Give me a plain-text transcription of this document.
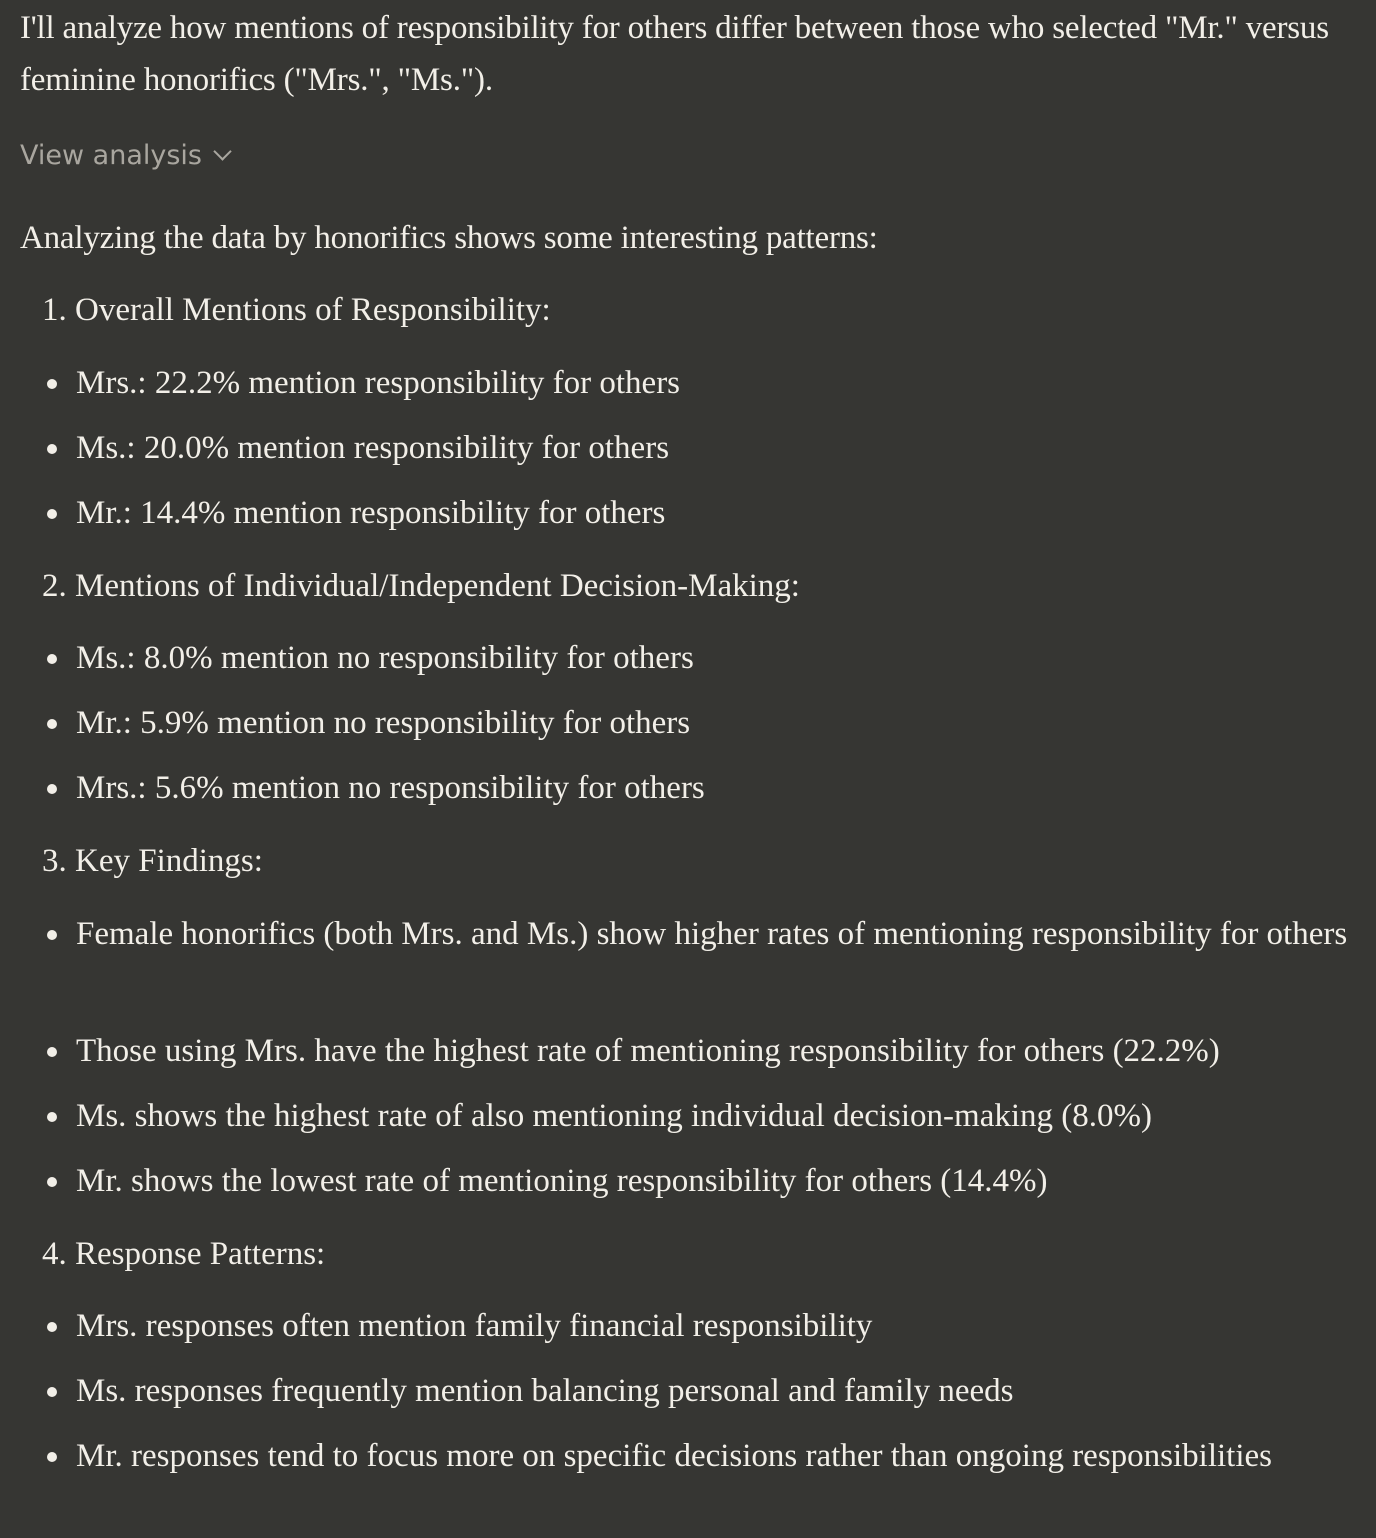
I'll analyze how mentions of responsibility for others differ between those who selected "Mr." versus feminine honorifics ("Mrs.", "Ms.").

View analysis

Analyzing the data by honorifics shows some interesting patterns:

1. Overall Mentions of Responsibility:
Mrs.: 22.2% mention responsibility for others
Ms.: 20.0% mention responsibility for others
Mr.: 14.4% mention responsibility for others
2. Mentions of Individual/Independent Decision-Making:
Ms.: 8.0% mention no responsibility for others
Mr.: 5.9% mention no responsibility for others
Mrs.: 5.6% mention no responsibility for others
3. Key Findings:
Female honorifics (both Mrs. and Ms.) show higher rates of mentioning responsibility for others
Those using Mrs. have the highest rate of mentioning responsibility for others (22.2%)
Ms. shows the highest rate of also mentioning individual decision-making (8.0%)
Mr. shows the lowest rate of mentioning responsibility for others (14.4%)
4. Response Patterns:
Mrs. responses often mention family financial responsibility
Ms. responses frequently mention balancing personal and family needs
Mr. responses tend to focus more on specific decisions rather than ongoing responsibilities
